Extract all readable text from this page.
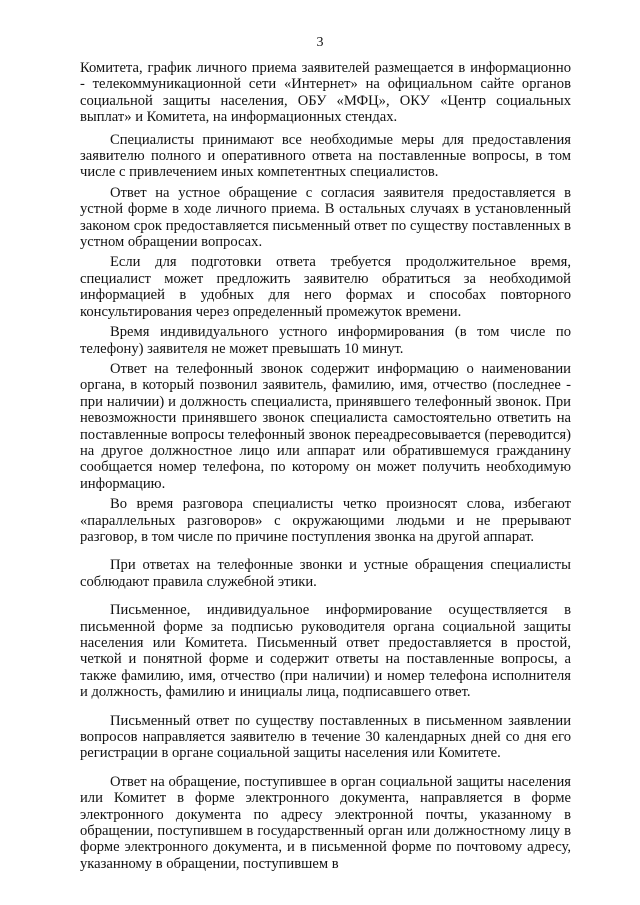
3

Комитета, график личного приема заявителей размещается в информационно - телекоммуникационной сети «Интернет» на официальном сайте органов социальной защиты населения, ОБУ «МФЦ», ОКУ «Центр социальных выплат» и Комитета, на информационных стендах.

Специалисты принимают все необходимые меры для предоставления заявителю полного и оперативного ответа на поставленные вопросы, в том числе с привлечением иных компетентных специалистов.

Ответ на устное обращение с согласия заявителя предоставляется в устной форме в ходе личного приема. В остальных случаях в установленный законом срок предоставляется письменный ответ по существу поставленных в устном обращении вопросах.

Если для подготовки ответа требуется продолжительное время, специалист может предложить заявителю обратиться за необходимой информацией в удобных для него формах и способах повторного консультирования через определенный промежуток времени.

Время индивидуального устного информирования (в том числе по телефону) заявителя не может превышать 10 минут.

Ответ на телефонный звонок содержит информацию о наименовании органа, в который позвонил заявитель, фамилию, имя, отчество (последнее - при наличии) и должность специалиста, принявшего телефонный звонок. При невозможности принявшего звонок специалиста самостоятельно ответить на поставленные вопросы телефонный звонок переадресовывается (переводится) на другое должностное лицо или аппарат или обратившемуся гражданину сообщается номер телефона, по которому он может получить необходимую информацию.

Во время разговора специалисты четко произносят слова, избегают «параллельных разговоров» с окружающими людьми и не прерывают разговор, в том числе по причине поступления звонка на другой аппарат.

При ответах на телефонные звонки и устные обращения специалисты соблюдают правила служебной этики.

Письменное, индивидуальное информирование осуществляется в письменной форме за подписью руководителя органа социальной защиты населения или Комитета. Письменный ответ предоставляется в простой, четкой и понятной форме и содержит ответы на поставленные вопросы, а также фамилию, имя, отчество (при наличии) и номер телефона исполнителя и должность, фамилию и инициалы лица, подписавшего ответ.

Письменный ответ по существу поставленных в письменном заявлении вопросов направляется заявителю в течение 30 календарных дней со дня его регистрации в органе социальной защиты населения или Комитете.

Ответ на обращение, поступившее в орган социальной защиты населения или Комитет в форме электронного документа, направляется в форме электронного документа по адресу электронной почты, указанному в обращении, поступившем в государственный орган или должностному лицу в форме электронного документа, и в письменной форме по почтовому адресу, указанному в обращении, поступившем в
